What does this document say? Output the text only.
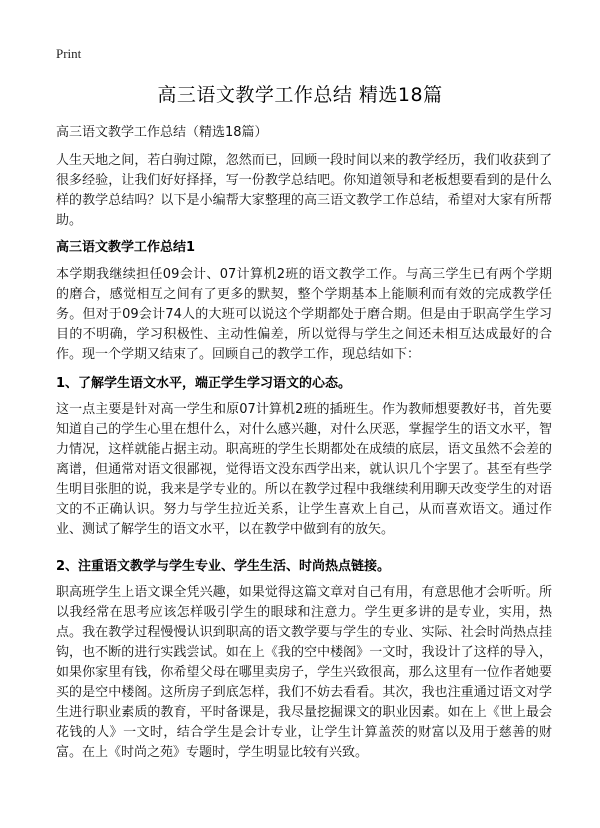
Print
高三语文教学工作总结 精选18篇
高三语文教学工作总结（精选18篇）

人生天地之间，若白驹过隙，忽然而已，回顾一段时间以来的教学经历，我们收获到了很多经验，让我们好好择择，写一份教学总结吧。你知道领导和老板想要看到的是什么样的教学总结吗？以下是小编帮大家整理的高三语文教学工作总结，希望对大家有所帮助。

高三语文教学工作总结1

本学期我继续担任09会计、07计算机2班的语文教学工作。与高三学生已有两个学期的磨合，感觉相互之间有了更多的默契，整个学期基本上能顺利而有效的完成教学任务。但对于09会计74人的大班可以说这个学期都处于磨合期。但是由于职高学生学习目的不明确，学习积极性、主动性偏差，所以觉得与学生之间还未相互达成最好的合作。现一个学期又结束了。回顾自己的教学工作，现总结如下：

1、了解学生语文水平，端正学生学习语文的心态。

这一点主要是针对高一学生和原07计算机2班的插班生。作为教师想要教好书，首先要知道自己的学生心里在想什么，对什么感兴趣，对什么厌恶，掌握学生的语文水平，智力情况，这样就能占据主动。职高班的学生长期都处在成绩的底层，语文虽然不会差的离谱，但通常对语文很鄙视，觉得语文没东西学出来，就认识几个字罢了。甚至有些学生明目张胆的说，我来是学专业的。所以在教学过程中我继续利用聊天改变学生的对语文的不正确认识。努力与学生拉近关系，让学生喜欢上自己，从而喜欢语文。通过作业、测试了解学生的语文水平，以在教学中做到有的放矢。

2、注重语文教学与学生专业、学生生活、时尚热点链接。

职高班学生上语文课全凭兴趣，如果觉得这篇文章对自己有用，有意思他才会听听。所以我经常在思考应该怎样吸引学生的眼球和注意力。学生更多讲的是专业，实用，热点。我在教学过程慢慢认识到职高的语文教学要与学生的专业、实际、社会时尚热点挂钩，也不断的进行实践尝试。如在上《我的空中楼阁》一文时，我设计了这样的导入，如果你家里有钱，你希望父母在哪里卖房子，学生兴致很高，那么这里有一位作者她要买的是空中楼阁。这所房子到底怎样，我们不妨去看看。其次，我也注重通过语文对学生进行职业素质的教育，平时备课是，我尽量挖掘课文的职业因素。如在上《世上最会花钱的人》一文时，结合学生是会计专业，让学生计算盖茨的财富以及用于慈善的财富。在上《时尚之苑》专题时，学生明显比较有兴致。
